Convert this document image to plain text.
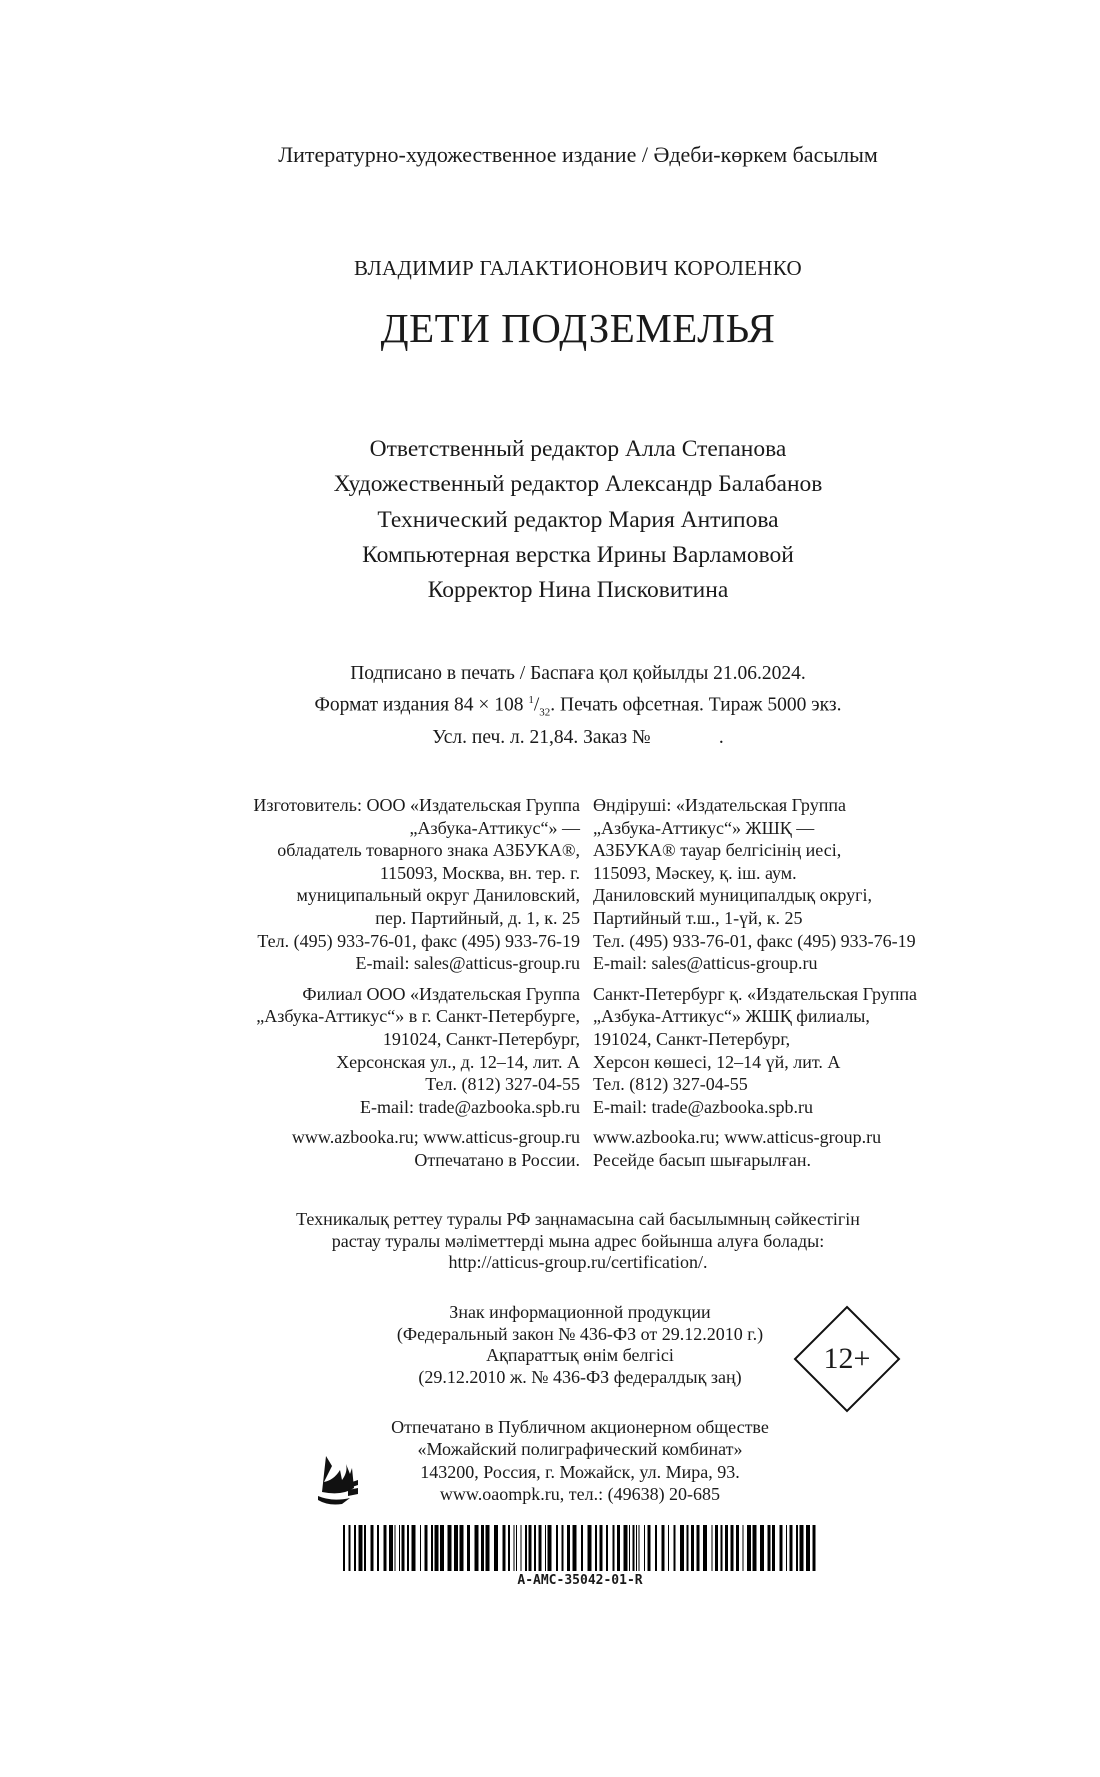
Литературно-художественное издание / Әдеби-көркем басылым
ВЛАДИМИР ГАЛАКТИОНОВИЧ КОРОЛЕНКО
ДЕТИ ПОДЗЕМЕЛЬЯ
Ответственный редактор Алла Степанова
Художественный редактор Александр Балабанов
Технический редактор Мария Антипова
Компьютерная верстка Ирины Варламовой
Корректор Нина Писковитина
Подписано в печать / Баспаға қол қойылды 21.06.2024.
Формат издания 84 × 108 $^1/_{32}$. Печать офсетная. Тираж 5000 экз.
Усл. печ. л. 21,84. Заказ №              .
Изготовитель: ООО «Издательская Группа
„Азбука-Аттикус“» —
обладатель товарного знака АЗБУКА®,
115093, Москва, вн. тер. г.
муниципальный округ Даниловский,
пер. Партийный, д. 1, к. 25
Тел. (495) 933-76-01, факс (495) 933-76-19
E-mail: sales@atticus-group.ru
Филиал ООО «Издательская Группа
„Азбука-Аттикус“» в г. Санкт-Петербурге,
191024, Санкт-Петербург,
Херсонская ул., д. 12–14, лит. А
Тел. (812) 327-04-55
E-mail: trade@azbooka.spb.ru
www.azbooka.ru; www.atticus-group.ru
Отпечатано в России.
Өндіруші: «Издательская Группа
„Азбука-Аттикус“» ЖШҚ —
АЗБУКА® тауар белгісінің иесі,
115093, Мәскеу, қ. іш. аум.
Даниловский муниципалдық округі,
Партийный т.ш., 1-үй, к. 25
Тел. (495) 933-76-01, факс (495) 933-76-19
E-mail: sales@atticus-group.ru
Санкт-Петербург қ. «Издательская Группа
„Азбука-Аттикус“» ЖШҚ филиалы,
191024, Санкт-Петербург,
Херсон көшесі, 12–14 үй, лит. А
Тел. (812) 327-04-55
E-mail: trade@azbooka.spb.ru
www.azbooka.ru; www.atticus-group.ru
Ресейде басып шығарылған.
Техникалық реттеу туралы РФ заңнамасына сай басылымның сәйкестігін
растау туралы мәліметтерді мына адрес бойынша алуға болады:
http://atticus-group.ru/certification/.
Знак информационной продукции
(Федеральный закон № 436-ФЗ от 29.12.2010 г.)
Ақпараттық өнім белгісі
(29.12.2010 ж. № 436-ФЗ федералдық заң)
12+
Отпечатано в Публичном акционерном обществе
«Можайский полиграфический комбинат»
143200, Россия, г. Можайск, ул. Мира, 93.
www.oaompk.ru, тел.: (49638) 20-685
A-AMC-35042-01-R
